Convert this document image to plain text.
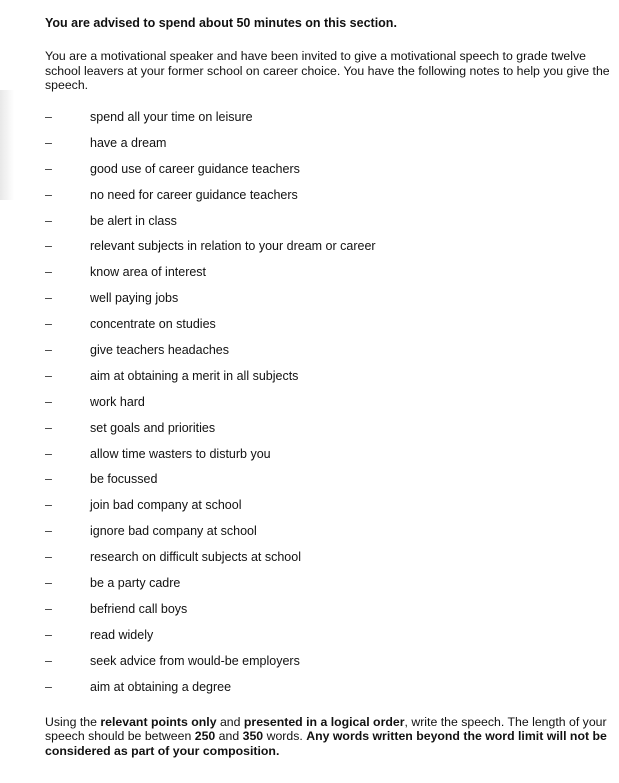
You are advised to spend about 50 minutes on this section.
You are a motivational speaker and have been invited to give a motivational speech to grade twelve school leavers at your former school on career choice. You have the following notes to help you give the speech.
–	spend all your time on leisure
–	have a dream
–	good use of career guidance teachers
–	no need for career guidance teachers
–	be alert in class
–	relevant subjects in relation to your dream or career
–	know area of interest
–	well paying jobs
–	concentrate on studies
–	give teachers headaches
–	aim at obtaining a merit in all subjects
–	work hard
–	set goals and priorities
–	allow time wasters to disturb you
–	be focussed
–	join bad company at school
–	ignore bad company at school
–	research on difficult subjects at school
–	be a party cadre
–	befriend call boys
–	read widely
–	seek advice from would-be employers
–	aim at obtaining a degree
Using the relevant points only and presented in a logical order, write the speech. The length of your speech should be between 250 and 350 words. Any words written beyond the word limit will not be considered as part of your composition.
